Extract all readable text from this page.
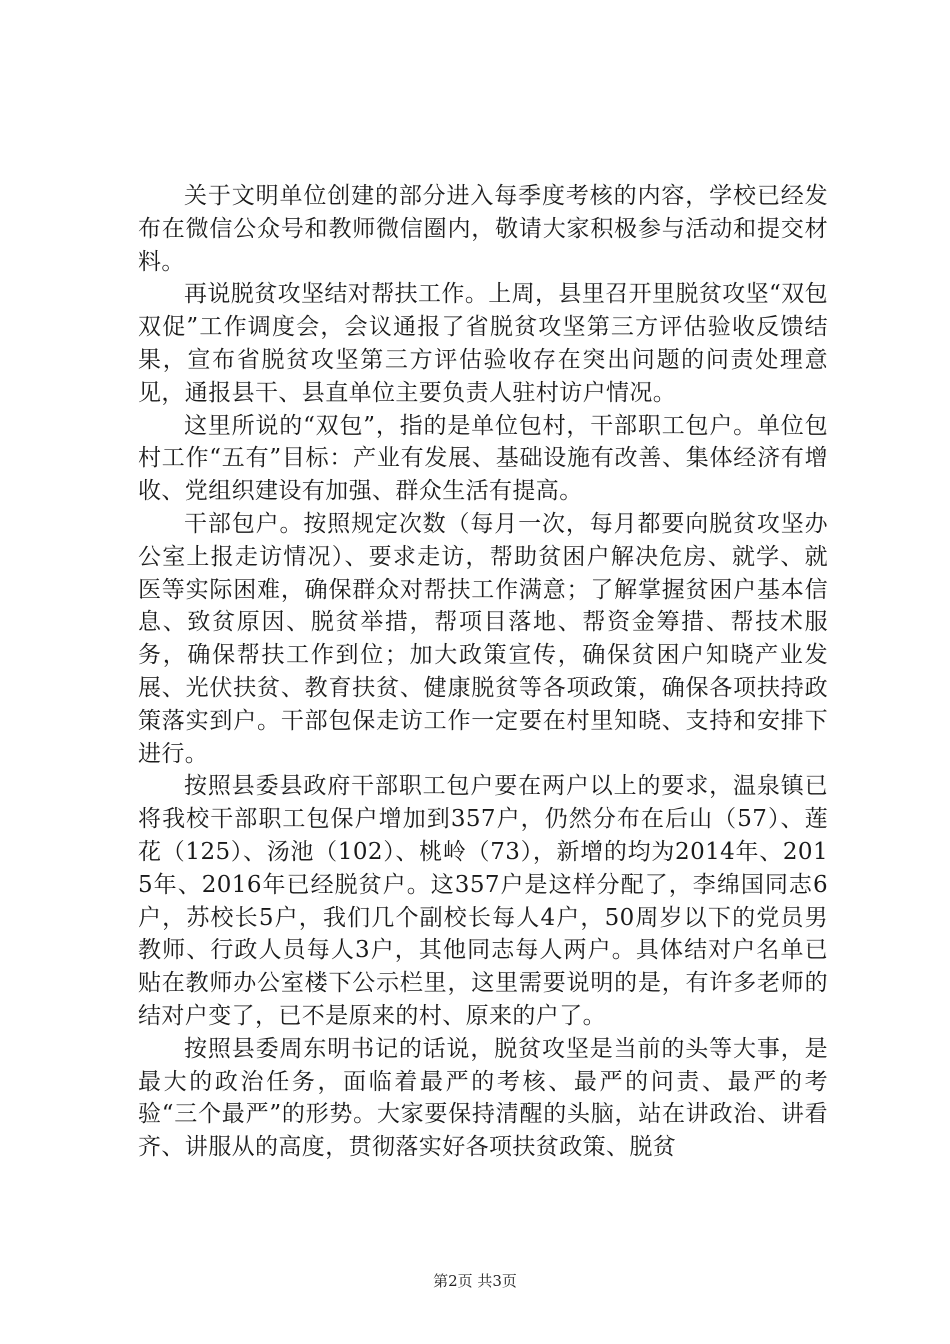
关于文明单位创建的部分进入每季度考核的内容，学校已经发布在微信公众号和教师微信圈内，敬请大家积极参与活动和提交材料。

再说脱贫攻坚结对帮扶工作。上周，县里召开里脱贫攻坚“双包双促”工作调度会，会议通报了省脱贫攻坚第三方评估验收反馈结果，宣布省脱贫攻坚第三方评估验收存在突出问题的问责处理意见，通报县干、县直单位主要负责人驻村访户情况。

这里所说的“双包”，指的是单位包村，干部职工包户。单位包村工作“五有”目标：产业有发展、基础设施有改善、集体经济有增收、党组织建设有加强、群众生活有提高。

干部包户。按照规定次数（每月一次，每月都要向脱贫攻坚办公室上报走访情况）、要求走访，帮助贫困户解决危房、就学、就医等实际困难，确保群众对帮扶工作满意；了解掌握贫困户基本信息、致贫原因、脱贫举措，帮项目落地、帮资金筹措、帮技术服务，确保帮扶工作到位；加大政策宣传，确保贫困户知晓产业发展、光伏扶贫、教育扶贫、健康脱贫等各项政策，确保各项扶持政策落实到户。干部包保走访工作一定要在村里知晓、支持和安排下进行。

按照县委县政府干部职工包户要在两户以上的要求，温泉镇已将我校干部职工包保户增加到357户，仍然分布在后山（57）、莲花（125）、汤池（102）、桃岭（73），新增的均为2014年、2015年、2016年已经脱贫户。这357户是这样分配了，李绵国同志6户，苏校长5户，我们几个副校长每人4户，50周岁以下的党员男教师、行政人员每人3户，其他同志每人两户。具体结对户名单已贴在教师办公室楼下公示栏里，这里需要说明的是，有许多老师的结对户变了，已不是原来的村、原来的户了。

按照县委周东明书记的话说，脱贫攻坚是当前的头等大事，是最大的政治任务，面临着最严的考核、最严的问责、最严的考验“三个最严”的形势。大家要保持清醒的头脑，站在讲政治、讲看齐、讲服从的高度，贯彻落实好各项扶贫政策、脱贫

第2页 共3页
